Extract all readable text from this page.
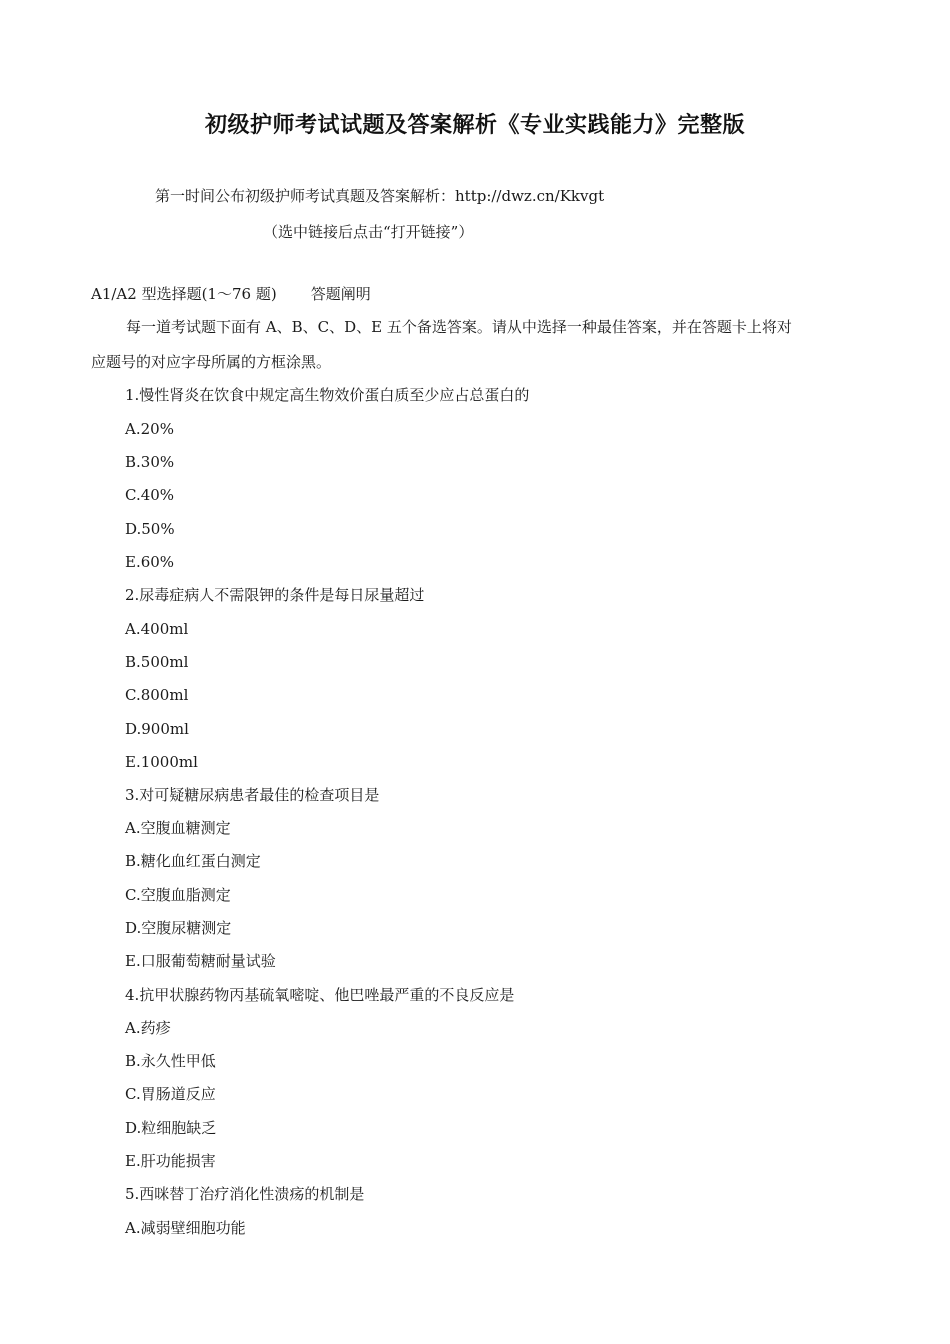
初级护师考试试题及答案解析《专业实践能力》完整版
第一时间公布初级护师考试真题及答案解析：http://dwz.cn/Kkvgt
（选中链接后点击“打开链接”）
A1/A2 型选择题(1～76 题) 答题阐明
每一道考试题下面有 A、B、C、D、E 五个备选答案。请从中选择一种最佳答案，并在答题卡上将对
应题号的对应字母所属的方框涂黑。
1.慢性肾炎在饮食中规定高生物效价蛋白质至少应占总蛋白的
A.20%
B.30%
C.40%
D.50%
E.60%
2.尿毒症病人不需限钾的条件是每日尿量超过
A.400ml
B.500ml
C.800ml
D.900ml
E.1000ml
3.对可疑糖尿病患者最佳的检查项目是
A.空腹血糖测定
B.糖化血红蛋白测定
C.空腹血脂测定
D.空腹尿糖测定
E.口服葡萄糖耐量试验
4.抗甲状腺药物丙基硫氧嘧啶、他巴唑最严重的不良反应是
A.药疹
B.永久性甲低
C.胃肠道反应
D.粒细胞缺乏
E.肝功能损害
5.西咪替丁治疗消化性溃疡的机制是
A.减弱壁细胞功能
